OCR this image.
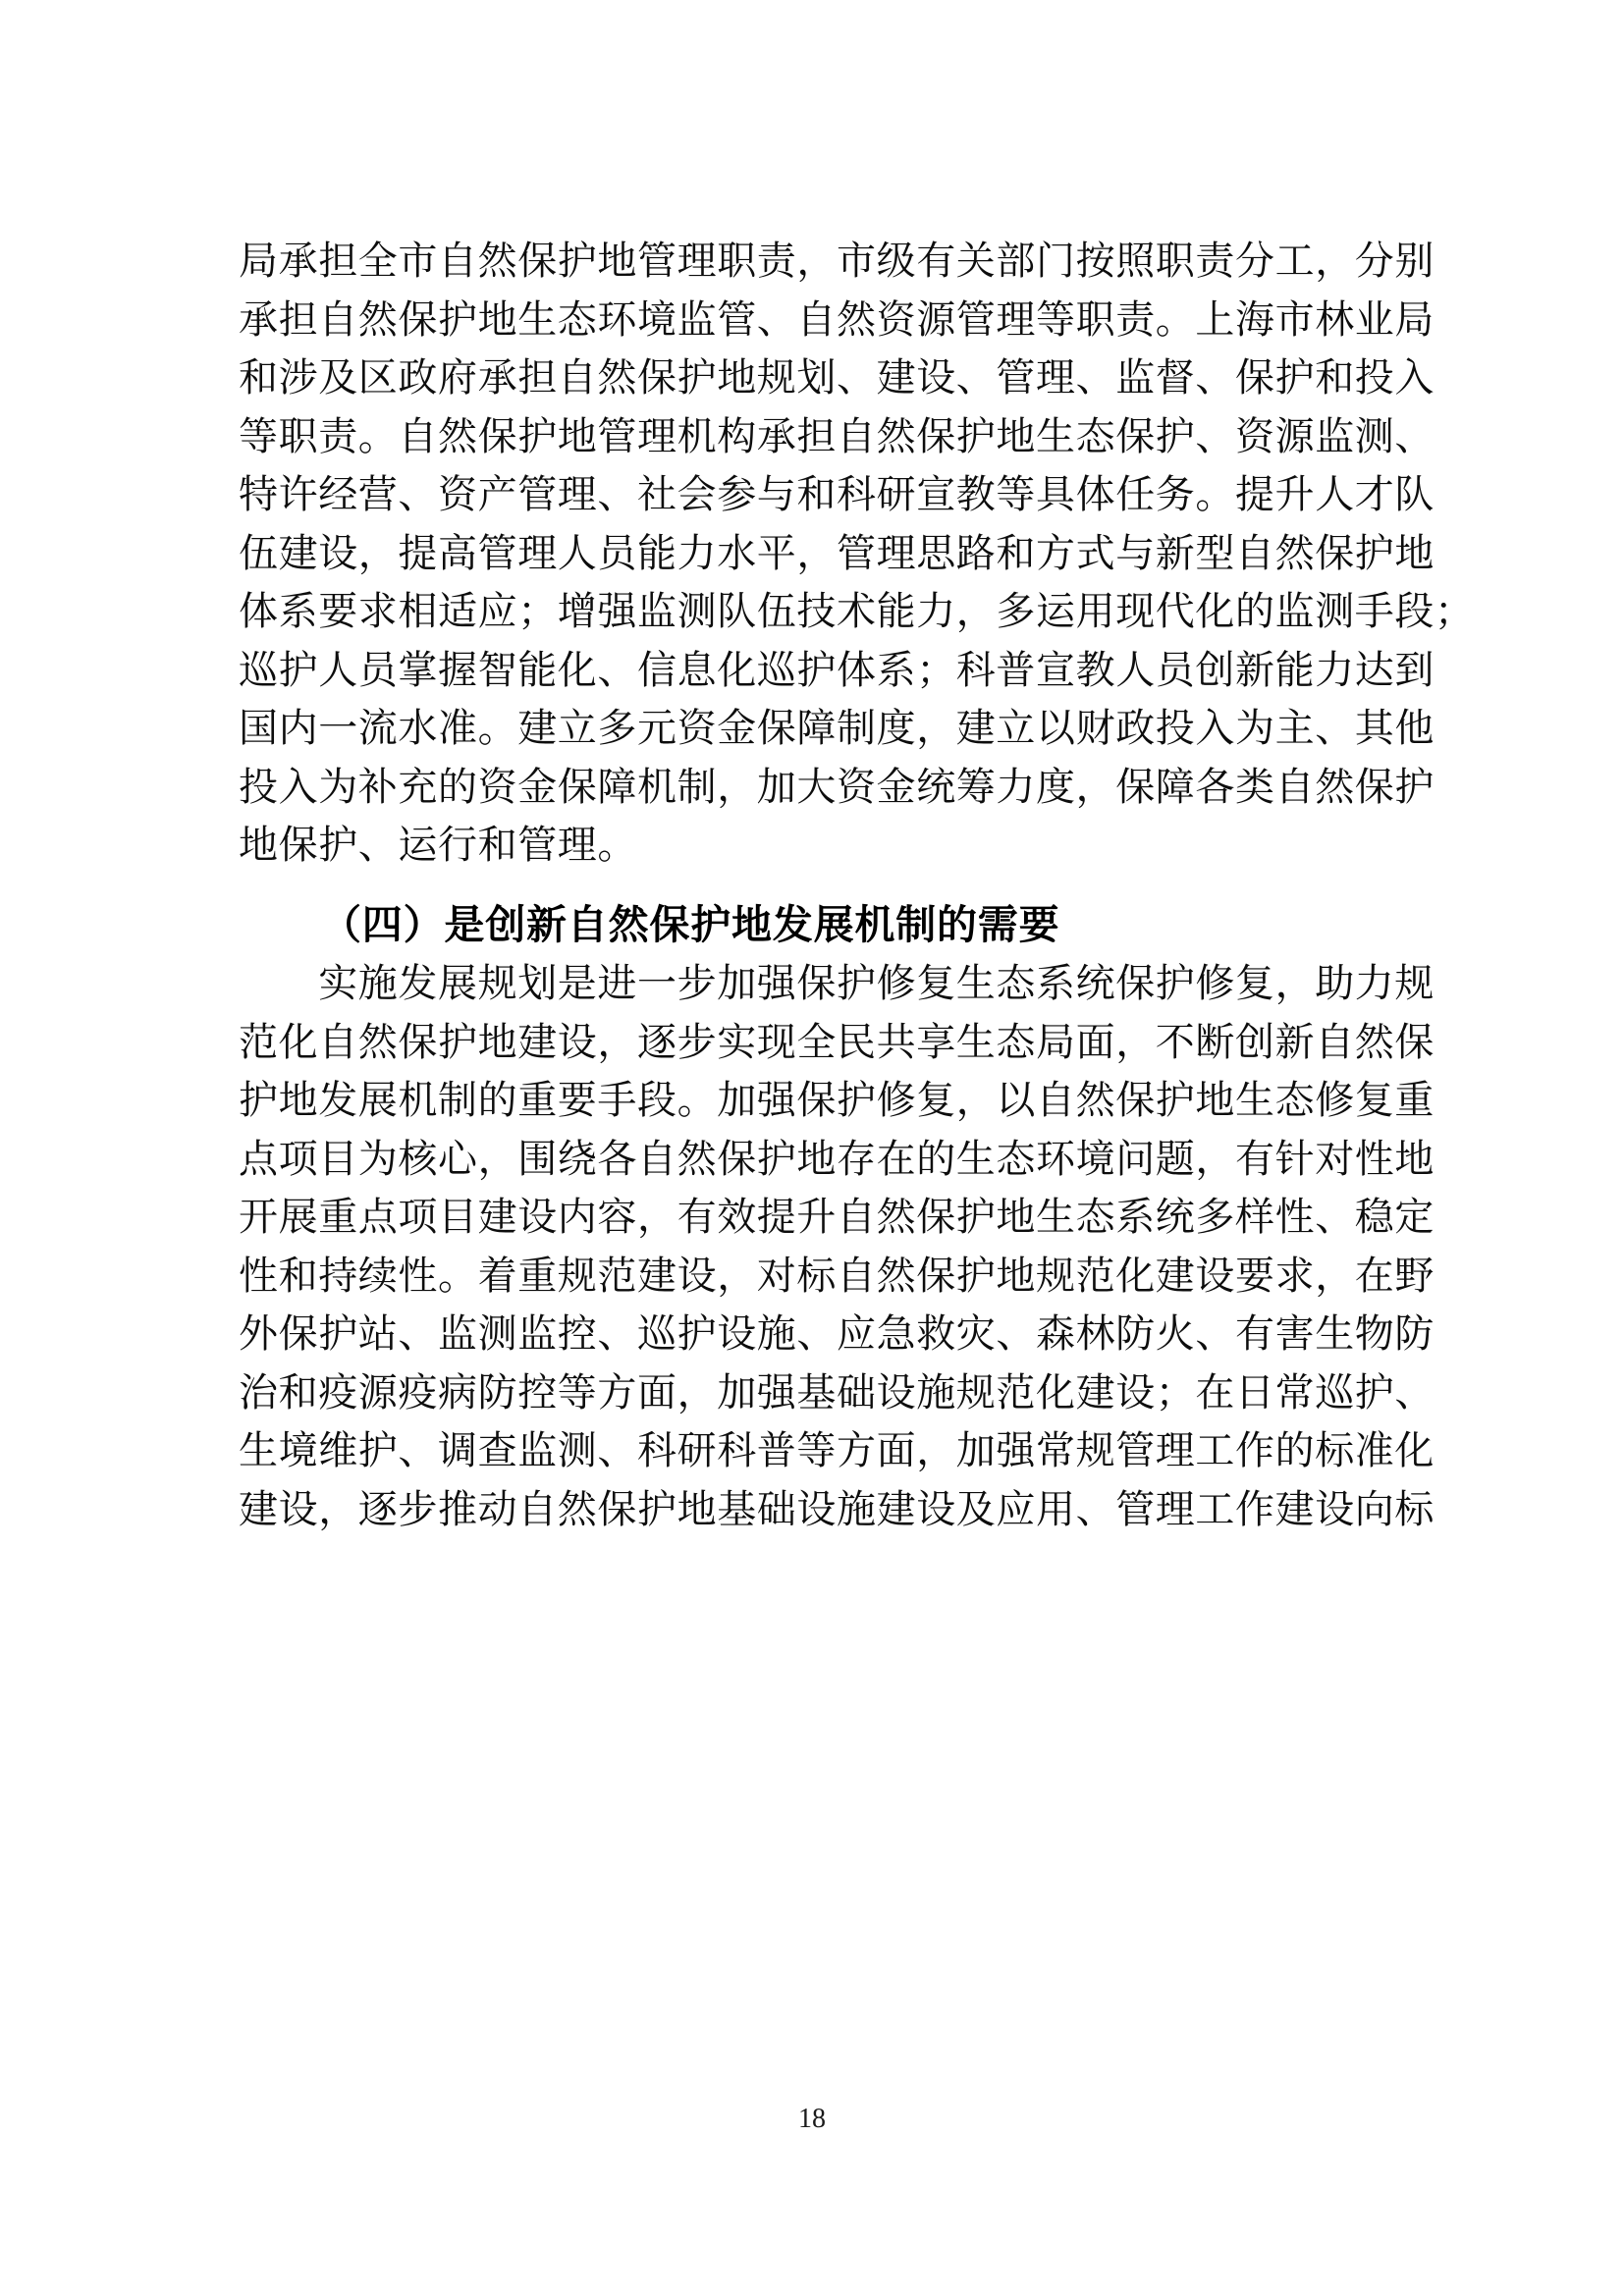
局承担全市自然保护地管理职责，市级有关部门按照职责分工，分别
承担自然保护地生态环境监管、自然资源管理等职责。上海市林业局
和涉及区政府承担自然保护地规划、建设、管理、监督、保护和投入
等职责。自然保护地管理机构承担自然保护地生态保护、资源监测、
特许经营、资产管理、社会参与和科研宣教等具体任务。提升人才队
伍建设，提高管理人员能力水平，管理思路和方式与新型自然保护地
体系要求相适应；增强监测队伍技术能力，多运用现代化的监测手段；
巡护人员掌握智能化、信息化巡护体系；科普宣教人员创新能力达到
国内一流水准。建立多元资金保障制度，建立以财政投入为主、其他
投入为补充的资金保障机制，加大资金统筹力度，保障各类自然保护
地保护、运行和管理。

（四）是创新自然保护地发展机制的需要

　　实施发展规划是进一步加强保护修复生态系统保护修复，助力规
范化自然保护地建设，逐步实现全民共享生态局面，不断创新自然保
护地发展机制的重要手段。加强保护修复，以自然保护地生态修复重
点项目为核心，围绕各自然保护地存在的生态环境问题，有针对性地
开展重点项目建设内容，有效提升自然保护地生态系统多样性、稳定
性和持续性。着重规范建设，对标自然保护地规范化建设要求，在野
外保护站、监测监控、巡护设施、应急救灾、森林防火、有害生物防
治和疫源疫病防控等方面，加强基础设施规范化建设；在日常巡护、
生境维护、调查监测、科研科普等方面，加强常规管理工作的标准化
建设，逐步推动自然保护地基础设施建设及应用、管理工作建设向标

18
